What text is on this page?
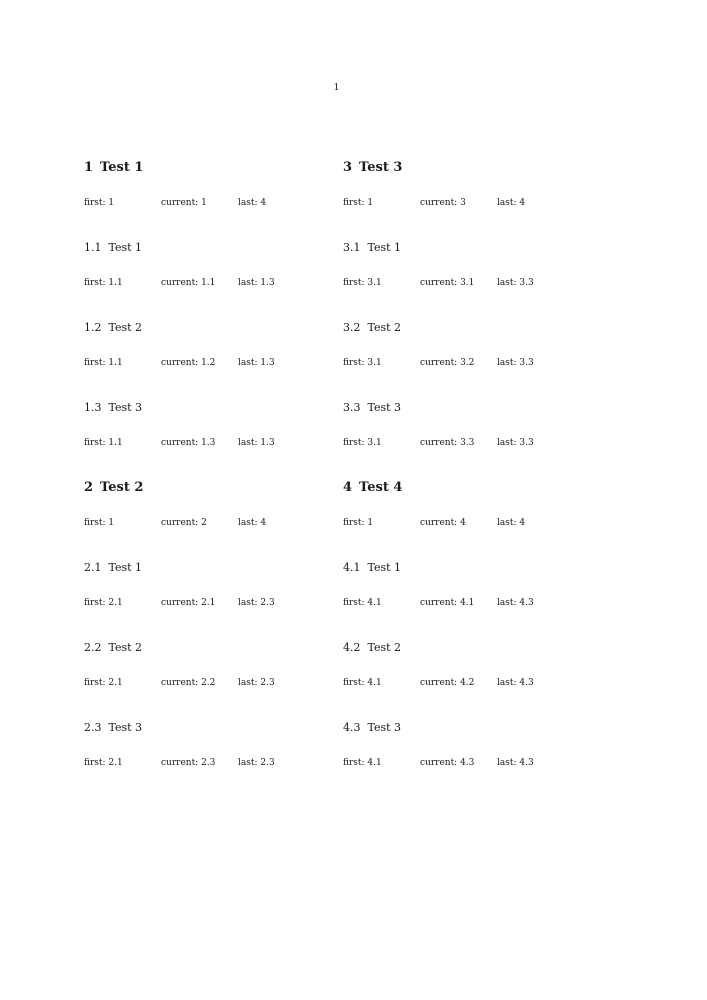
1
1 Test 1
first: 1	current: 1	last: 4
1.1 Test 1
first: 1.1	current: 1.1	last: 1.3
1.2 Test 2
first: 1.1	current: 1.2	last: 1.3
1.3 Test 3
first: 1.1	current: 1.3	last: 1.3
2 Test 2
first: 1	current: 2	last: 4
2.1 Test 1
first: 2.1	current: 2.1	last: 2.3
2.2 Test 2
first: 2.1	current: 2.2	last: 2.3
2.3 Test 3
first: 2.1	current: 2.3	last: 2.3
3 Test 3
first: 1	current: 3	last: 4
3.1 Test 1
first: 3.1	current: 3.1	last: 3.3
3.2 Test 2
first: 3.1	current: 3.2	last: 3.3
3.3 Test 3
first: 3.1	current: 3.3	last: 3.3
4 Test 4
first: 1	current: 4	last: 4
4.1 Test 1
first: 4.1	current: 4.1	last: 4.3
4.2 Test 2
first: 4.1	current: 4.2	last: 4.3
4.3 Test 3
first: 4.1	current: 4.3	last: 4.3
